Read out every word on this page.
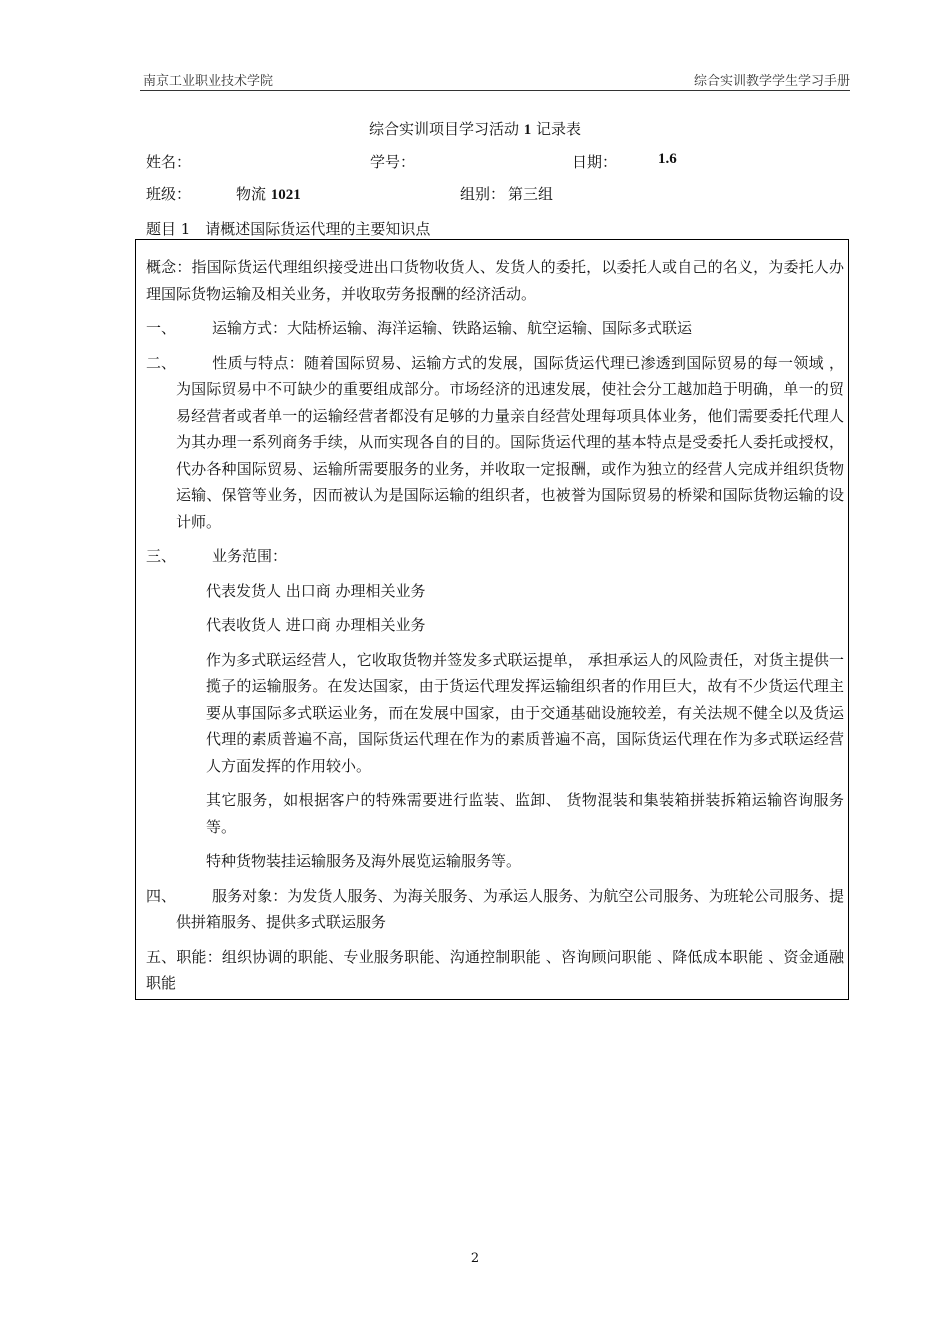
南京工业职业技术学院	综合实训教学学生学习手册
综合实训项目学习活动 1 记录表
姓名：	学号：	日期：	1.6
班级：	物流 1021	组别： 第三组
题目 1　请概述国际货运代理的主要知识点

概念：指国际货运代理组织接受进出口货物收货人、发货人的委托，以委托人或自己的名义，为委托人办理国际货物运输及相关业务，并收取劳务报酬的经济活动。

一、 运输方式：大陆桥运输、海洋运输、铁路运输、航空运输、国际多式联运

二、 性质与特点：随着国际贸易、运输方式的发展，国际货运代理已渗透到国际贸易的每一领域 ，为国际贸易中不可缺少的重要组成部分。市场经济的迅速发展，使社会分工越加趋于明确，单一的贸易经营者或者单一的运输经营者都没有足够的力量亲自经营处理每项具体业务，他们需要委托代理人为其办理一系列商务手续，从而实现各自的目的。国际货运代理的基本特点是受委托人委托或授权，代办各种国际贸易、运输所需要服务的业务，并收取一定报酬，或作为独立的经营人完成并组织货物运输、保管等业务，因而被认为是国际运输的组织者，也被誉为国际贸易的桥梁和国际货物运输的设计师。

三、 业务范围：

代表发货人 出口商 办理相关业务

代表收货人 进口商 办理相关业务

作为多式联运经营人，它收取货物并签发多式联运提单， 承担承运人的风险责任，对货主提供一揽子的运输服务。在发达国家，由于货运代理发挥运输组织者的作用巨大，故有不少货运代理主要从事国际多式联运业务，而在发展中国家，由于交通基础设施较差，有关法规不健全以及货运代理的素质普遍不高，国际货运代理在作为的素质普遍不高，国际货运代理在作为多式联运经营人方面发挥的作用较小。

其它服务，如根据客户的特殊需要进行监装、监卸、 货物混装和集装箱拼装拆箱运输咨询服务等。

特种货物装挂运输服务及海外展览运输服务等。

四、 服务对象：为发货人服务、为海关服务、为承运人服务、为航空公司服务、为班轮公司服务、提供拼箱服务、提供多式联运服务

五、职能：组织协调的职能、专业服务职能、沟通控制职能 、咨询顾问职能 、降低成本职能 、资金通融职能

2
